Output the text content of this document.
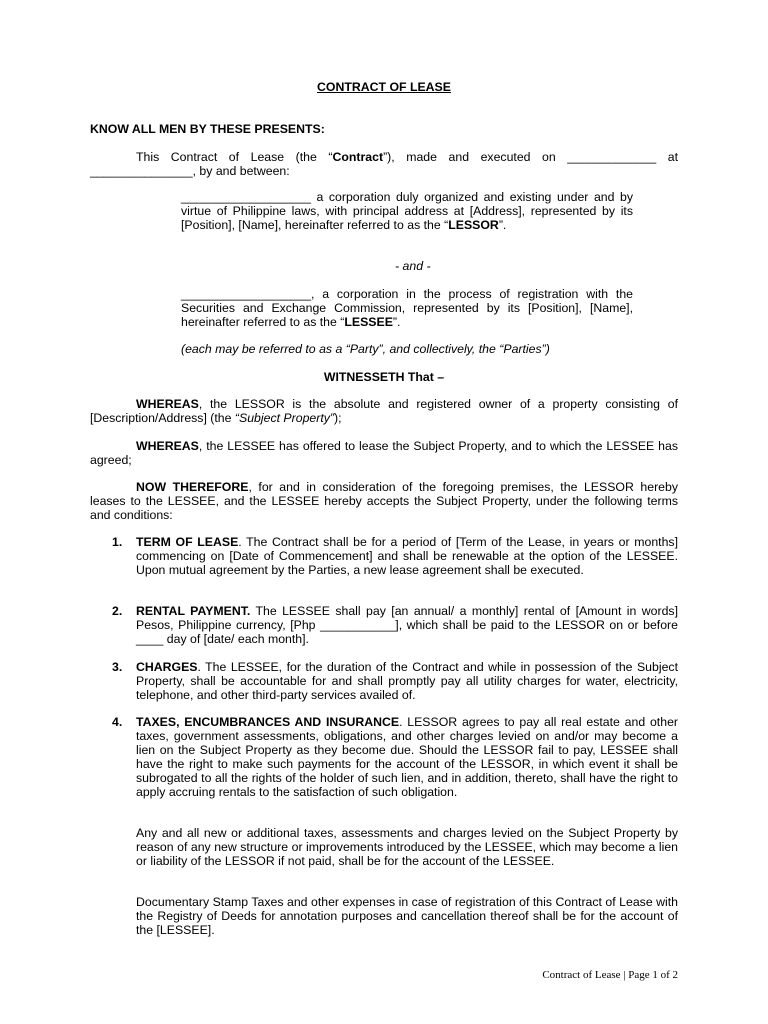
CONTRACT OF LEASE
KNOW ALL MEN BY THESE PRESENTS:
This Contract of Lease (the “Contract”), made and executed on _____________ at
_______________, by and between:

___________________ a corporation duly organized and existing under and by virtue of Philippine laws, with principal address at [Address], represented by its [Position], [Name], hereinafter referred to as the “LESSOR”.

- and -

___________________, a corporation in the process of registration with the Securities and Exchange Commission, represented by its [Position], [Name], hereinafter referred to as the “LESSEE”.

(each may be referred to as a “Party”, and collectively, the “Parties”)
WITNESSETH That –

WHEREAS, the LESSOR is the absolute and registered owner of a property consisting of [Description/Address] (the “Subject Property”);

WHEREAS, the LESSEE has offered to lease the Subject Property, and to which the LESSEE has agreed;

NOW THEREFORE, for and in consideration of the foregoing premises, the LESSOR hereby leases to the LESSEE, and the LESSEE hereby accepts the Subject Property, under the following terms and conditions:

1. TERM OF LEASE. The Contract shall be for a period of [Term of the Lease, in years or months] commencing on [Date of Commencement] and shall be renewable at the option of the LESSEE. Upon mutual agreement by the Parties, a new lease agreement shall be executed.

2. RENTAL PAYMENT. The LESSEE shall pay [an annual/ a monthly] rental of [Amount in words] Pesos, Philippine currency, [Php ___________], which shall be paid to the LESSOR on or before ____ day of [date/ each month].

3. CHARGES. The LESSEE, for the duration of the Contract and while in possession of the Subject Property, shall be accountable for and shall promptly pay all utility charges for water, electricity, telephone, and other third-party services availed of.

4. TAXES, ENCUMBRANCES AND INSURANCE. LESSOR agrees to pay all real estate and other taxes, government assessments, obligations, and other charges levied on and/or may become a lien on the Subject Property as they become due. Should the LESSOR fail to pay, LESSEE shall have the right to make such payments for the account of the LESSOR, in which event it shall be subrogated to all the rights of the holder of such lien, and in addition, thereto, shall have the right to apply accruing rentals to the satisfaction of such obligation.

Any and all new or additional taxes, assessments and charges levied on the Subject Property by reason of any new structure or improvements introduced by the LESSEE, which may become a lien or liability of the LESSOR if not paid, shall be for the account of the LESSEE.

Documentary Stamp Taxes and other expenses in case of registration of this Contract of Lease with the Registry of Deeds for annotation purposes and cancellation thereof shall be for the account of the [LESSEE].

Contract of Lease | Page 1 of 2
